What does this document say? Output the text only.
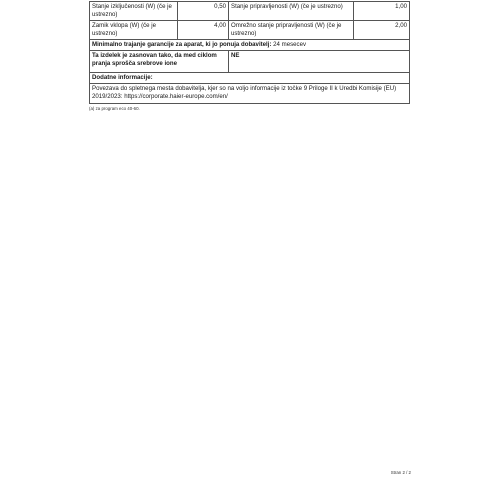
Stanje izključenosti (W) (če je ustrezno)	0,50	Stanje pripravljenosti (W) (če je ustrezno)	1,00
Zamik vklopa (W) (če je ustrezno)	4,00	Omrežno stanje pripravljenosti (W) (če je ustrezno)	2,00
Minimalno trajanje garancije za aparat, ki jo ponuja dobavitelj: 24 mesecev			
Ta izdelek je zasnovan tako, da med ciklom pranja sprošča srebrove ione		NE	
Dodatne informacije:			
Povezava do spletnega mesta dobavitelja, kjer so na voljo informacije iz točke 9 Priloge II k Uredbi Komisije (EU) 2019/2023: https://corporate.haier-europe.com/en/			
(a) za program eco 40-60.
Stran 2 / 2
